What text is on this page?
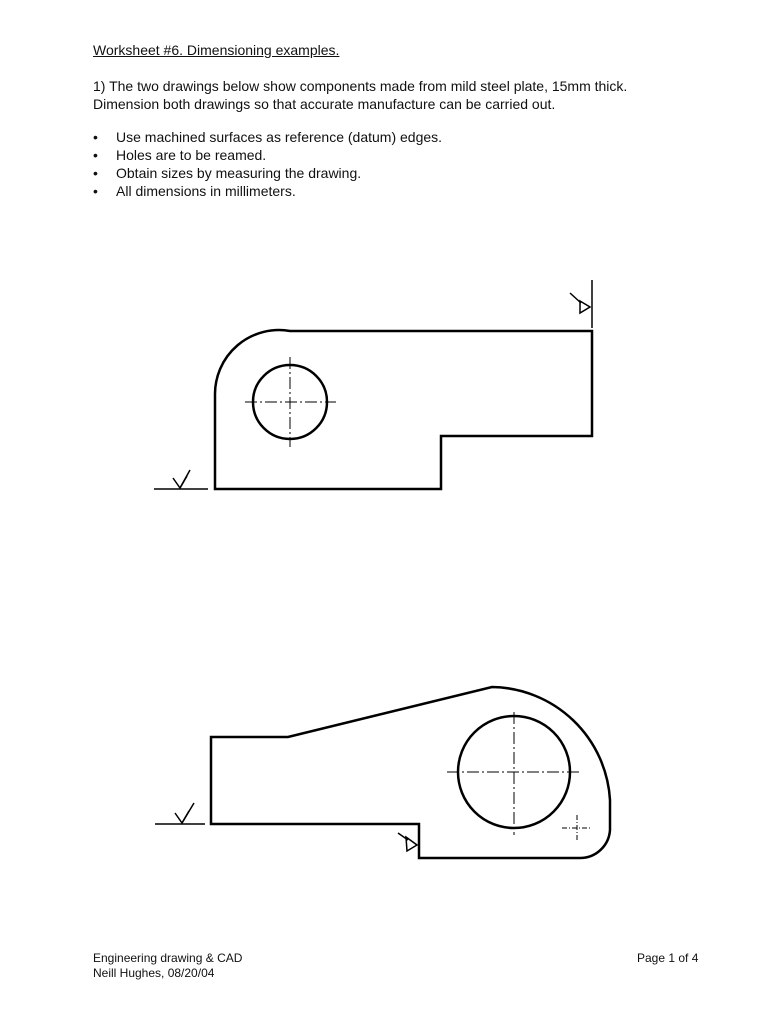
Worksheet #6. Dimensioning examples.
1) The two drawings below show components made from mild steel plate, 15mm thick.
Dimension both drawings so that accurate manufacture can be carried out.
• Use machined surfaces as reference (datum) edges.
• Holes are to be reamed.
• Obtain sizes by measuring the drawing.
• All dimensions in millimeters.
Engineering drawing & CAD
Neill Hughes, 08/20/04
Page 1 of 4
